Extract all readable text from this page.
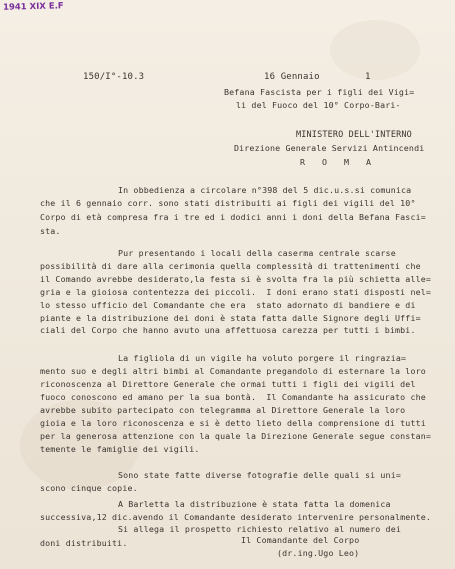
1941 XIX E.F
150/I°-10.3	16 Gennaio	1
Befana Fascista per i figli dei Vigi=
li del Fuoco del 10° Corpo-Bari-
MINISTERO DELL'INTERNO
Direzione Generale Servizi Antincendi
R O M A
In obbedienza a circolare n°398 del 5 dic.u.s.si comunica
che il 6 gennaio corr. sono stati distribuiti ai figli dei vigili del 10°
Corpo di età compresa fra i tre ed i dodici anni i doni della Befana Fasci=
sta.
Pur presentando i locali della caserma centrale scarse
possibilità di dare alla cerimonia quella complessità di trattenimenti che
il Comando avrebbe desiderato,la festa si è svolta fra la più schietta alle=
gria e la gioiosa contentezza dei piccoli.  I doni erano stati disposti nel=
lo stesso ufficio del Comandante che era  stato adornato di bandiere e di
piante e la distribuzione dei doni è stata fatta dalle Signore degli Uffi=
ciali del Corpo che hanno avuto una affettuosa carezza per tutti i bimbi.
La figliola di un vigile ha voluto porgere il ringrazia=
mento suo e degli altri bimbi al Comandante pregandolo di esternare la loro
riconoscenza al Direttore Generale che ormai tutti i figli dei vigili del
fuoco conoscono ed amano per la sua bontà.  Il Comandante ha assicurato che
avrebbe subito partecipato con telegramma al Direttore Generale la loro
gioia e la loro riconoscenza e si è detto lieto della comprensione di tutti
per la generosa attenzione con la quale la Direzione Generale segue constan=
temente le famiglie dei vigili.
Sono state fatte diverse fotografie delle quali si uni=
scono cinque copie.
A Barletta la distribuzione è stata fatta la domenica
successiva,12 dic.avendo il Comandante desiderato intervenire personalmente.
Si allega il prospetto richiesto relativo al numero dei
doni distribuiti.	Il Comandante del Corpo
(dr.ing.Ugo Leo)
